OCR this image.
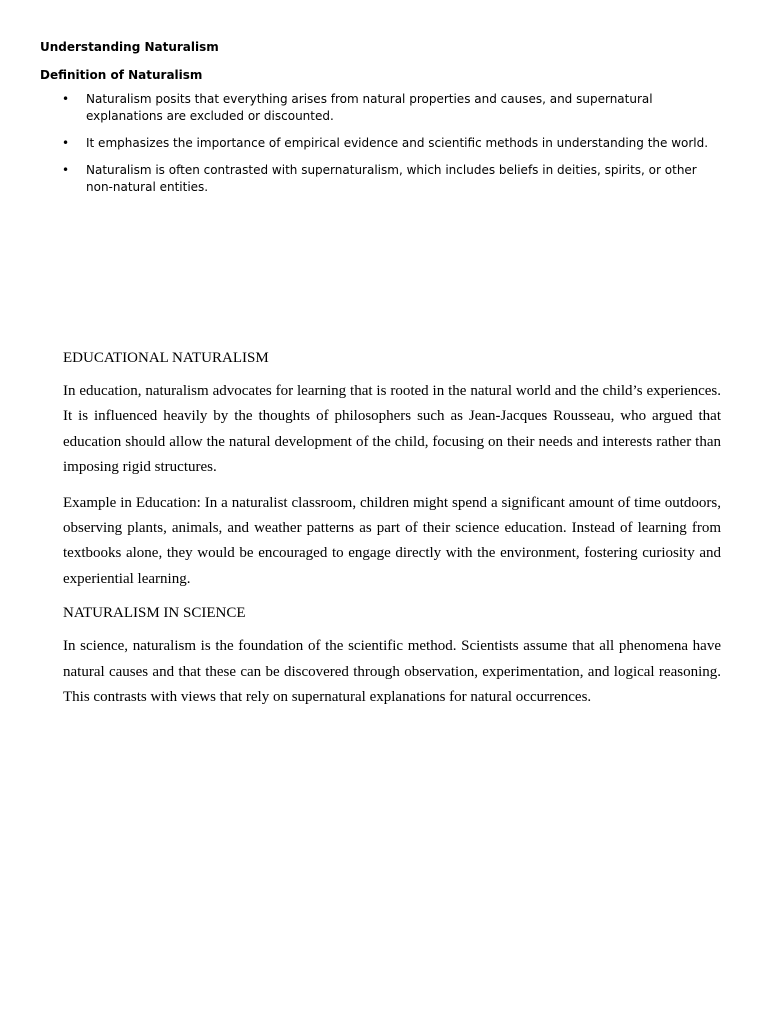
Understanding Naturalism

Definition of Naturalism

• Naturalism posits that everything arises from natural properties and causes, and supernatural explanations are excluded or discounted.
• It emphasizes the importance of empirical evidence and scientific methods in understanding the world.
• Naturalism is often contrasted with supernaturalism, which includes beliefs in deities, spirits, or other non-natural entities.
EDUCATIONAL NATURALISM

In education, naturalism advocates for learning that is rooted in the natural world and the child’s experiences. It is influenced heavily by the thoughts of philosophers such as Jean-Jacques Rousseau, who argued that education should allow the natural development of the child, focusing on their needs and interests rather than imposing rigid structures.

Example in Education: In a naturalist classroom, children might spend a significant amount of time outdoors, observing plants, animals, and weather patterns as part of their science education. Instead of learning from textbooks alone, they would be encouraged to engage directly with the environment, fostering curiosity and experiential learning.

NATURALISM IN SCIENCE

In science, naturalism is the foundation of the scientific method. Scientists assume that all phenomena have natural causes and that these can be discovered through observation, experimentation, and logical reasoning. This contrasts with views that rely on supernatural explanations for natural occurrences.
